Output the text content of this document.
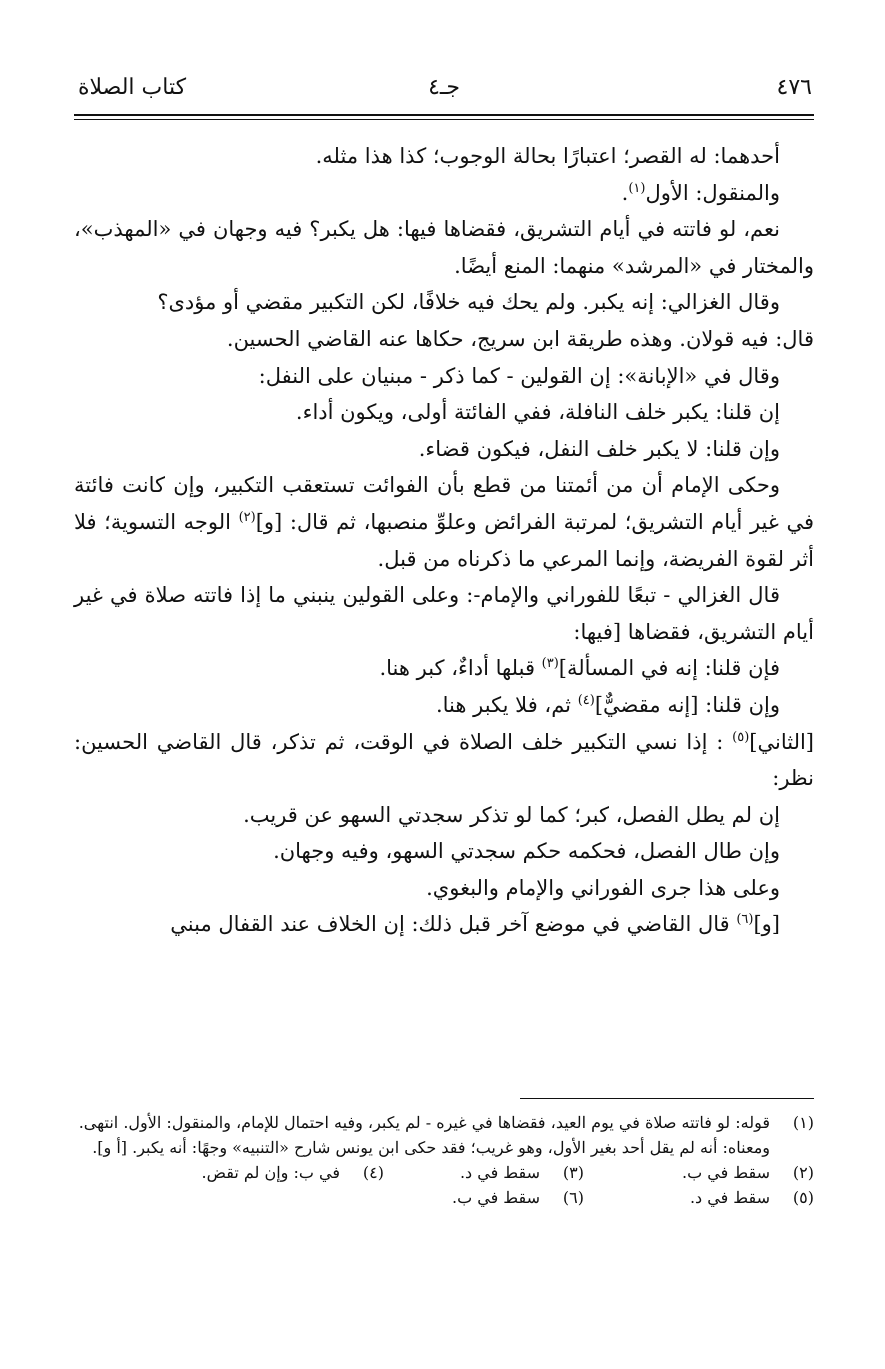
٤٧٦
جـ٤
كتاب الصلاة

أحدهما: له القصر؛ اعتبارًا بحالة الوجوب؛ كذا هذا مثله.

والمنقول: الأول$^{(١)}$.

نعم، لو فاتته في أيام التشريق، فقضاها فيها: هل يكبر؟ فيه وجهان في «المهذب»، والمختار في «المرشد» منهما: المنع أيضًا.

وقال الغزالي: إنه يكبر. ولم يحك فيه خلافًا، لكن التكبير مقضي أو مؤدى؟

قال: فيه قولان. وهذه طريقة ابن سريج، حكاها عنه القاضي الحسين.

وقال في «الإبانة»: إن القولين - كما ذكر - مبنيان على النفل:

إن قلنا: يكبر خلف النافلة، ففي الفائتة أولى، ويكون أداء.

وإن قلنا: لا يكبر خلف النفل، فيكون قضاء.

وحكى الإمام أن من أئمتنا من قطع بأن الفوائت تستعقب التكبير، وإن كانت فائتة في غير أيام التشريق؛ لمرتبة الفرائض وعلوِّ منصبها، ثم قال: [و]$^{(٢)}$ الوجه التسوية؛ فلا أثر لقوة الفريضة، وإنما المرعي ما ذكرناه من قبل.

قال الغزالي - تبعًا للفوراني والإمام-: وعلى القولين ينبني ما إذا فاتته صلاة في غير أيام التشريق، فقضاها [فيها:

فإن قلنا: إنه في المسألة]$^{(٣)}$ قبلها أداءٌ، كبر هنا.

وإن قلنا: [إنه مقضيٌّ]$^{(٤)}$ ثم، فلا يكبر هنا.

[الثاني]$^{(٥)}$ : إذا نسي التكبير خلف الصلاة في الوقت، ثم تذكر، قال القاضي الحسين: نظر:

إن لم يطل الفصل، كبر؛ كما لو تذكر سجدتي السهو عن قريب.

وإن طال الفصل، فحكمه حكم سجدتي السهو، وفيه وجهان.

وعلى هذا جرى الفوراني والإمام والبغوي.

[و]$^{(٦)}$ قال القاضي في موضع آخر قبل ذلك: إن الخلاف عند القفال مبني

(١)
قوله: لو فاتته صلاة في يوم العيد، فقضاها في غيره - لم يكبر، وفيه احتمال للإمام، والمنقول: الأول. انتهى.
ومعناه: أنه لم يقل أحد بغير الأول، وهو غريب؛ فقد حكى ابن يونس شارح «التنبيه» وجهًا: أنه يكبر. [أ و].
(٢)
سقط في ب.
(٣)
سقط في د.
(٤)
في ب: وإن لم تقض.
(٥)
سقط في د.
(٦)
سقط في ب.
